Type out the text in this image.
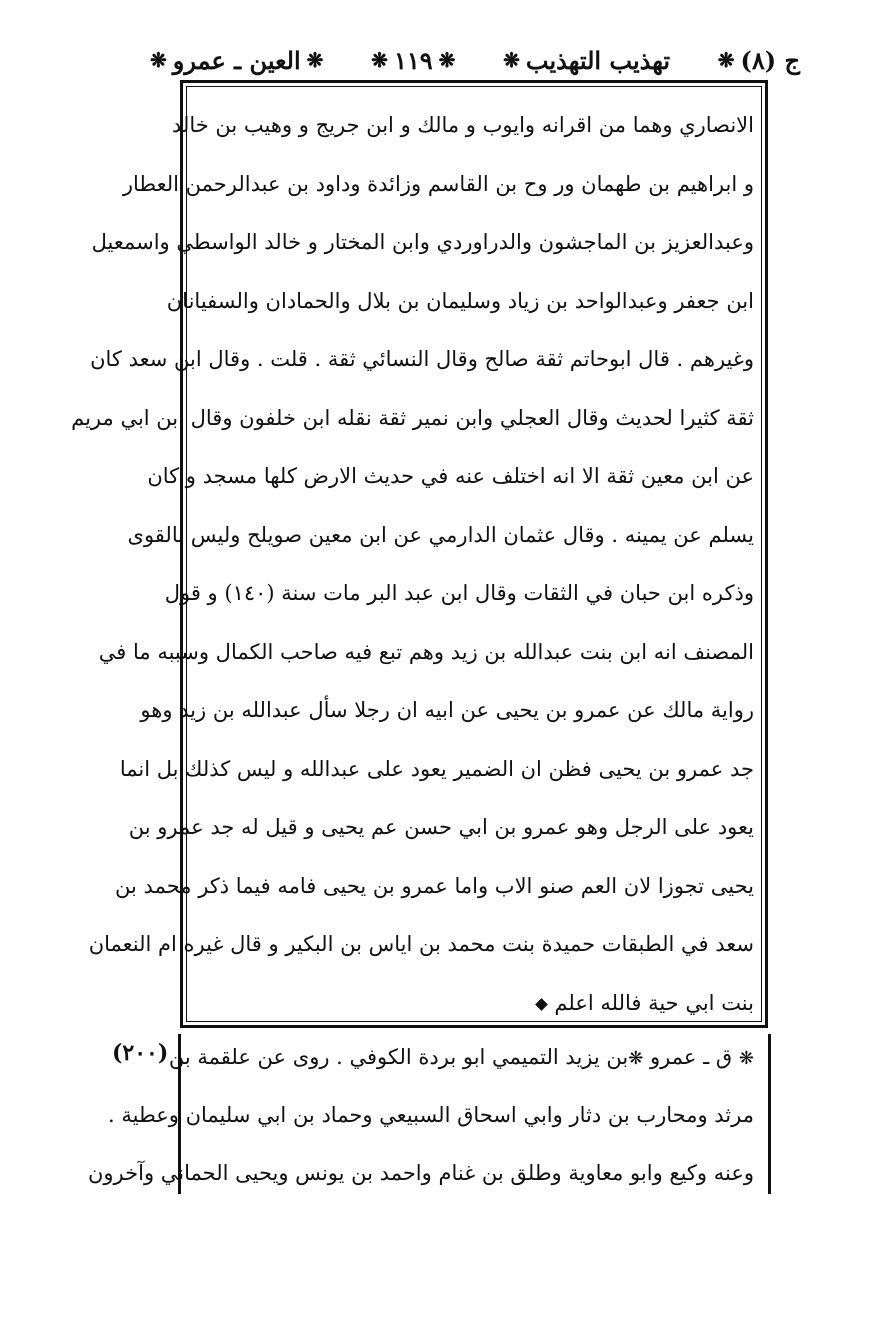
ج (٨)
❋
تهذيب التهذيب
❋
❋
١١٩
❋
❋
العين ـ عمرو
❋
الانصاري وهما من اقرانه وايوب و مالك و ابن جريج و وهيب بن خالد
و ابراهيم بن طهمان ور وح بن القاسم وزائدة وداود بن عبدالرحمن العطار
وعبدالعزيز بن الماجشون والدراوردي وابن المختار و خالد الواسطي واسمعيل
ابن جعفر وعبدالواحد بن زياد وسليمان بن بلال والحمادان والسفيانان
وغيرهم . قال ابوحاتم ثقة صالح وقال النسائي ثقة . قلت . وقال ابن سعد كان
ثقة كثيرا لحديث وقال العجلي وابن نمير ثقة نقله ابن خلفون وقال ابن ابي مريم
عن ابن معين ثقة الا انه اختلف عنه في حديث الارض كلها مسجد و كان
يسلم عن يمينه . وقال عثمان الدارمي عن ابن معين صويلح وليس بالقوى
وذكره ابن حبان في الثقات وقال ابن عبد البر مات سنة (١٤٠) و قول
المصنف انه ابن بنت عبدالله بن زيد وهم تبع فيه صاحب الكمال وسببه ما في
رواية مالك عن عمرو بن يحيى عن ابيه ان رجلا سأل عبدالله بن زيد وهو
جد عمرو بن يحيى فظن ان الضمير يعود على عبدالله و ليس كذلك بل انما
يعود على الرجل وهو عمرو بن ابي حسن عم يحيى و قيل له جد عمرو بن
يحيى تجوزا لان العم صنو الاب واما عمرو بن يحيى فامه فيما ذكر محمد بن
سعد في الطبقات حميدة بنت محمد بن اياس بن البكير و قال غيره ام النعمان
بنت ابي حية فالله اعلم
(٢٠٠)	❋ ق ـ عمرو ❋بن يزيد التميمي ابو بردة الكوفي . روى عن علقمة بن
مرثد ومحارب بن دثار وابي اسحاق السبيعي وحماد بن ابي سليمان وعطية .
وعنه وكيع وابو معاوية وطلق بن غنام واحمد بن يونس ويحيى الحماني وآخرون
